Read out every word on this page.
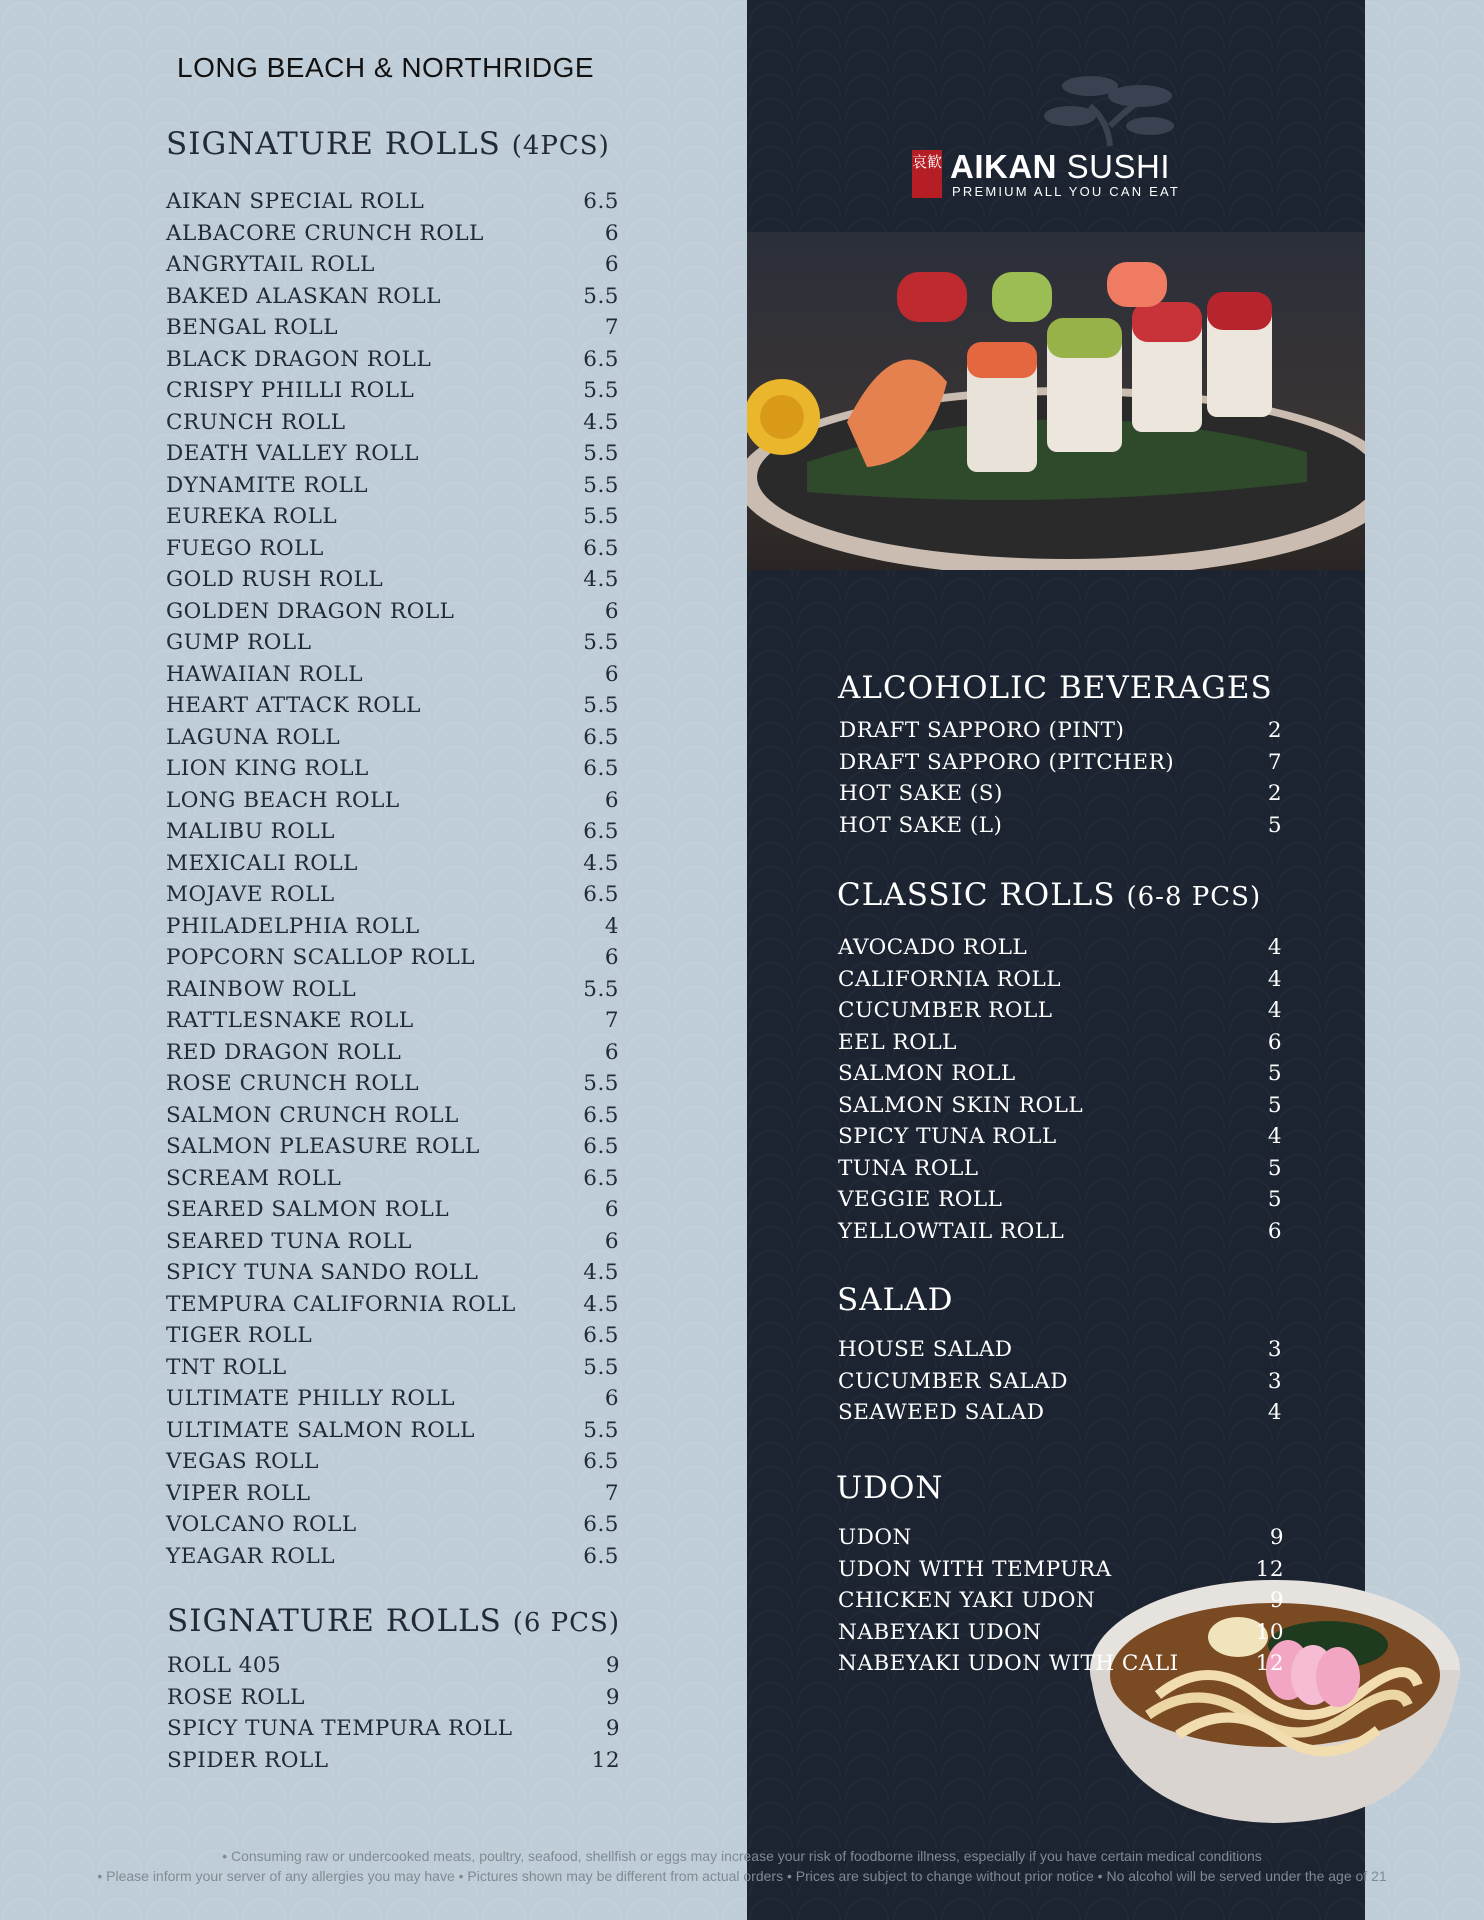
LONG BEACH & NORTHRIDGE
SIGNATURE ROLLS (4PCS)
AIKAN SPECIAL ROLL	6.5
ALBACORE CRUNCH ROLL	6
ANGRYTAIL ROLL	6
BAKED ALASKAN ROLL	5.5
BENGAL ROLL	7
BLACK DRAGON ROLL	6.5
CRISPY PHILLI ROLL	5.5
CRUNCH ROLL	4.5
DEATH VALLEY ROLL	5.5
DYNAMITE ROLL	5.5
EUREKA ROLL	5.5
FUEGO ROLL	6.5
GOLD RUSH ROLL	4.5
GOLDEN DRAGON ROLL	6
GUMP ROLL	5.5
HAWAIIAN ROLL	6
HEART ATTACK ROLL	5.5
LAGUNA ROLL	6.5
LION KING ROLL	6.5
LONG BEACH ROLL	6
MALIBU ROLL	6.5
MEXICALI ROLL	4.5
MOJAVE ROLL	6.5
PHILADELPHIA ROLL	4
POPCORN SCALLOP ROLL	6
RAINBOW ROLL	5.5
RATTLESNAKE ROLL	7
RED DRAGON ROLL	6
ROSE CRUNCH ROLL	5.5
SALMON CRUNCH ROLL	6.5
SALMON PLEASURE ROLL	6.5
SCREAM ROLL	6.5
SEARED SALMON ROLL	6
SEARED TUNA ROLL	6
SPICY TUNA SANDO ROLL	4.5
TEMPURA CALIFORNIA ROLL	4.5
TIGER ROLL	6.5
TNT ROLL	5.5
ULTIMATE PHILLY ROLL	6
ULTIMATE SALMON ROLL	5.5
VEGAS ROLL	6.5
VIPER ROLL	7
VOLCANO ROLL	6.5
YEAGAR ROLL	6.5
SIGNATURE ROLLS (6 PCS)
ROLL 405	9
ROSE ROLL	9
SPICY TUNA TEMPURA ROLL	9
SPIDER ROLL	12
哀歓 AIKAN SUSHI
PREMIUM ALL YOU CAN EAT
ALCOHOLIC BEVERAGES
DRAFT SAPPORO (PINT)	2
DRAFT SAPPORO (PITCHER)	7
HOT SAKE (S)	2
HOT SAKE (L)	5
CLASSIC ROLLS (6-8 PCS)
AVOCADO ROLL	4
CALIFORNIA ROLL	4
CUCUMBER ROLL	4
EEL ROLL	6
SALMON ROLL	5
SALMON SKIN ROLL	5
SPICY TUNA ROLL	4
TUNA ROLL	5
VEGGIE ROLL	5
YELLOWTAIL ROLL	6
SALAD
HOUSE SALAD	3
CUCUMBER SALAD	3
SEAWEED SALAD	4
UDON
UDON	9
UDON WITH TEMPURA	12
CHICKEN YAKI UDON	9
NABEYAKI UDON	10
NABEYAKI UDON WITH CALI	12
• Consuming raw or undercooked meats, poultry, seafood, shellfish or eggs may increase your risk of foodborne illness, especially if you have certain medical conditions
• Please inform your server of any allergies you may have • Pictures shown may be different from actual orders • Prices are subject to change without prior notice • No alcohol will be served under the age of 21
